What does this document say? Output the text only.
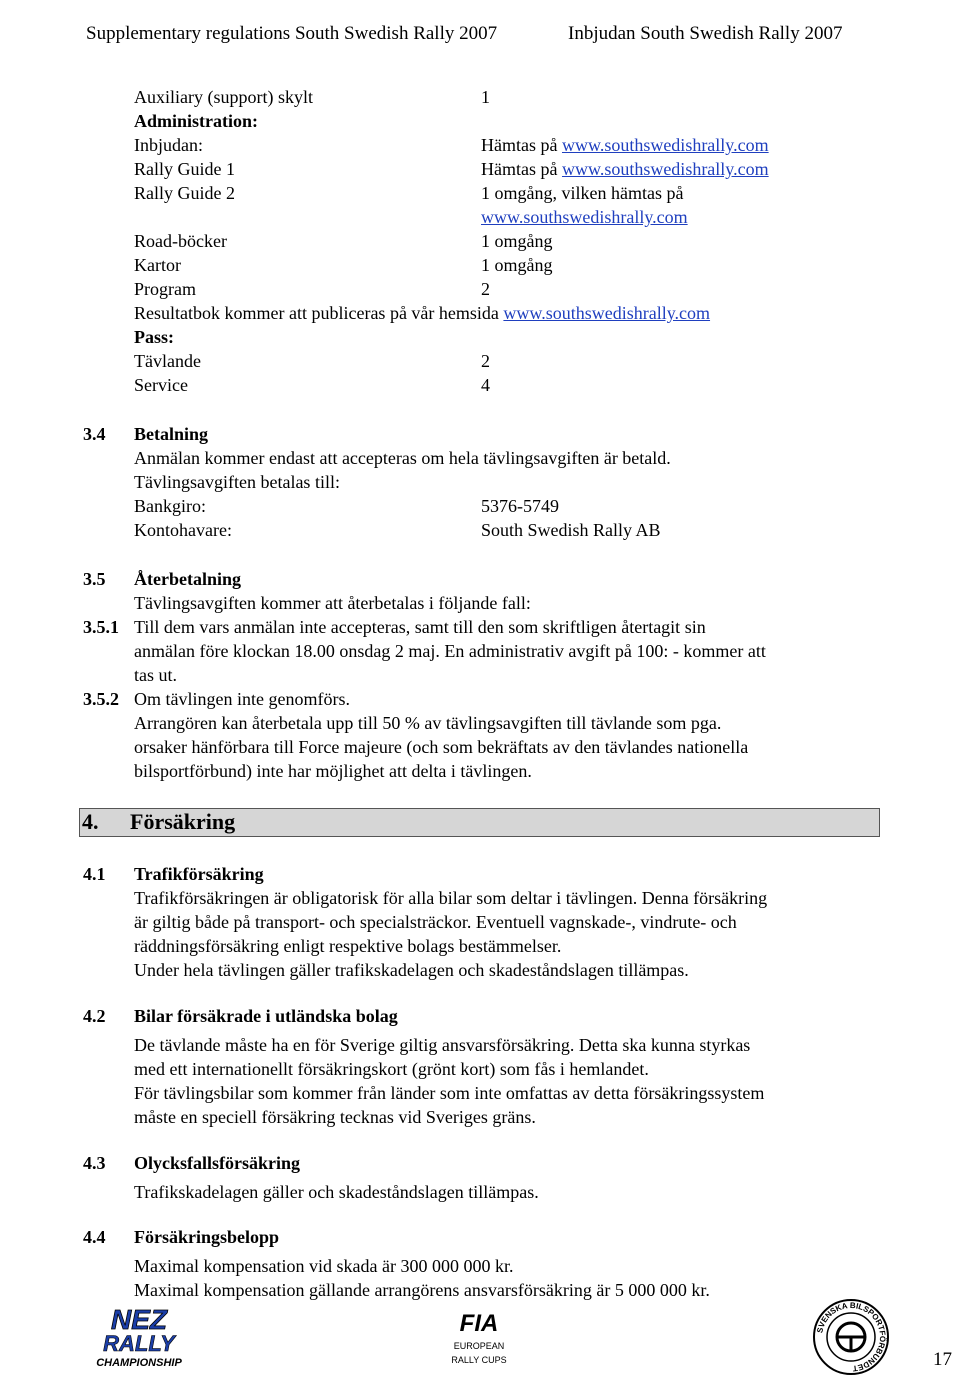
Supplementary regulations South Swedish Rally 2007	Inbjudan South Swedish Rally 2007
Auxiliary (support) skylt	1
Administration:
Inbjudan:	Hämtas på www.southswedishrally.com
Rally Guide 1	Hämtas på www.southswedishrally.com
Rally Guide 2	1 omgång, vilken hämtas på
www.southswedishrally.com
Road-böcker	1 omgång
Kartor	1 omgång
Program	2
Resultatbok kommer att publiceras på vår hemsida www.southswedishrally.com
Pass:
Tävlande	2
Service	4
3.4 Betalning
Anmälan kommer endast att accepteras om hela tävlingsavgiften är betald.
Tävlingsavgiften betalas till:
Bankgiro:	5376-5749
Kontohavare:	South Swedish Rally AB
3.5 Återbetalning
Tävlingsavgiften kommer att återbetalas i följande fall:
3.5.1 Till dem vars anmälan inte accepteras, samt till den som skriftligen återtagit sin
anmälan före klockan 18.00 onsdag 2 maj. En administrativ avgift på 100: - kommer att
tas ut.
3.5.2 Om tävlingen inte genomförs.
Arrangören kan återbetala upp till 50 % av tävlingsavgiften till tävlande som pga.
orsaker hänförbara till Force majeure (och som bekräftats av den tävlandes nationella
bilsportförbund) inte har möjlighet att delta i tävlingen.
4. Försäkring
4.1 Trafikförsäkring
Trafikförsäkringen är obligatorisk för alla bilar som deltar i tävlingen. Denna försäkring
är giltig både på transport- och specialsträckor. Eventuell vagnskade-, vindrute- och
räddningsförsäkring enligt respektive bolags bestämmelser.
Under hela tävlingen gäller trafikskadelagen och skadeståndslagen tillämpas.
4.2 Bilar försäkrade i utländska bolag
De tävlande måste ha en för Sverige giltig ansvarsförsäkring. Detta ska kunna styrkas
med ett internationellt försäkringskort (grönt kort) som fås i hemlandet.
För tävlingsbilar som kommer från länder som inte omfattas av detta försäkringssystem
måste en speciell försäkring tecknas vid Sveriges gräns.
4.3 Olycksfallsförsäkring
Trafikskadelagen gäller och skadeståndslagen tillämpas.
4.4 Försäkringsbelopp
Maximal kompensation vid skada är 300 000 000 kr.
Maximal kompensation gällande arrangörens ansvarsförsäkring är 5 000 000 kr.
NEZ
RALLY
CHAMPIONSHIP
FIA
EUROPEAN
RALLY CUPS
SVENSKA BILSPORTFÖRBUNDET	17
